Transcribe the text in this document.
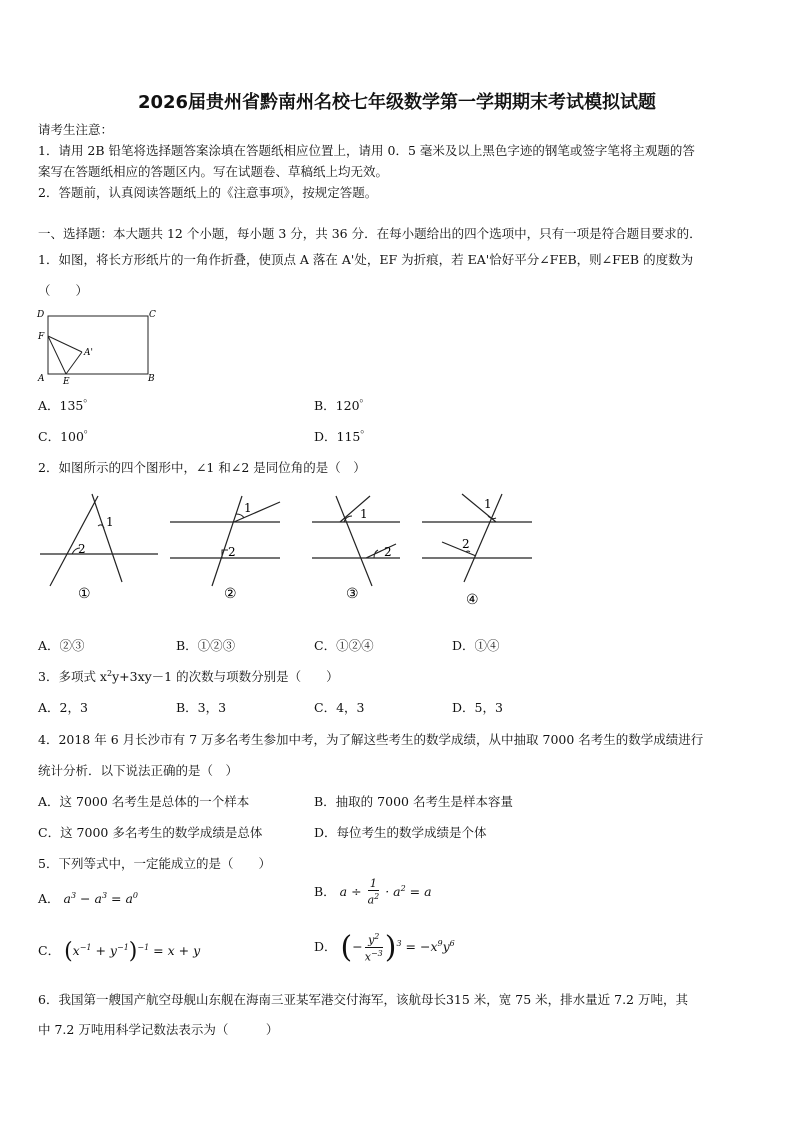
2026届贵州省黔南州名校七年级数学第一学期期末考试模拟试题
请考生注意：
1．请用 2B 铅笔将选择题答案涂填在答题纸相应位置上，请用 0．5 毫米及以上黑色字迹的钢笔或签字笔将主观题的答
案写在答题纸相应的答题区内。写在试题卷、草稿纸上均无效。
2．答题前，认真阅读答题纸上的《注意事项》，按规定答题。
一、选择题：本大题共 12 个小题，每小题 3 分，共 36 分．在每小题给出的四个选项中，只有一项是符合题目要求的．
1．如图，将长方形纸片的一角作折叠，使顶点 A 落在 A'处，EF 为折痕，若 EA'恰好平分∠FEB，则∠FEB 的度数为
（　　）
D	C
F
A'
A E	B
A．135゜	B．120゜
C．100゜	D．115゜
2．如图所示的四个图形中，∠1 和∠2 是同位角的是（　）
1
2
①
1
2
②
1
2
③
1
2
④
A．②③	B．①②③	C．①②④	D．①④
3．多项式 $x^2y+3xy-1$ 的次数与项数分别是（　　）
A．2，3	B．3，3	C．4，3	D．5，3
4．2018 年 6 月长沙市有 7 万多名考生参加中考，为了解这些考生的数学成绩，从中抽取 7000 名考生的数学成绩进行
统计分析．以下说法正确的是（　）
A．这 7000 名考生是总体的一个样本	B．抽取的 7000 名考生是样本容量
C．这 7000 多名考生的数学成绩是总体	D．每位考生的数学成绩是个体
5．下列等式中，一定能成立的是（　　）
A． $a^3 - a^3 = a^0$	B． $a \div \frac{1}{a^2} \cdot a^2 = a$
C． $(x^{-1} + y^{-1})^{-1} = x + y$	D． (− $\frac{y^2}{x^{-3}} )^3 = -x^9y^6$
6．我国第一艘国产航空母舰山东舰在海南三亚某军港交付海军，该航母长315 米，宽 75 米，排水量近 7.2 万吨，其
中 7.2 万吨用科学记数法表示为（　　　）
